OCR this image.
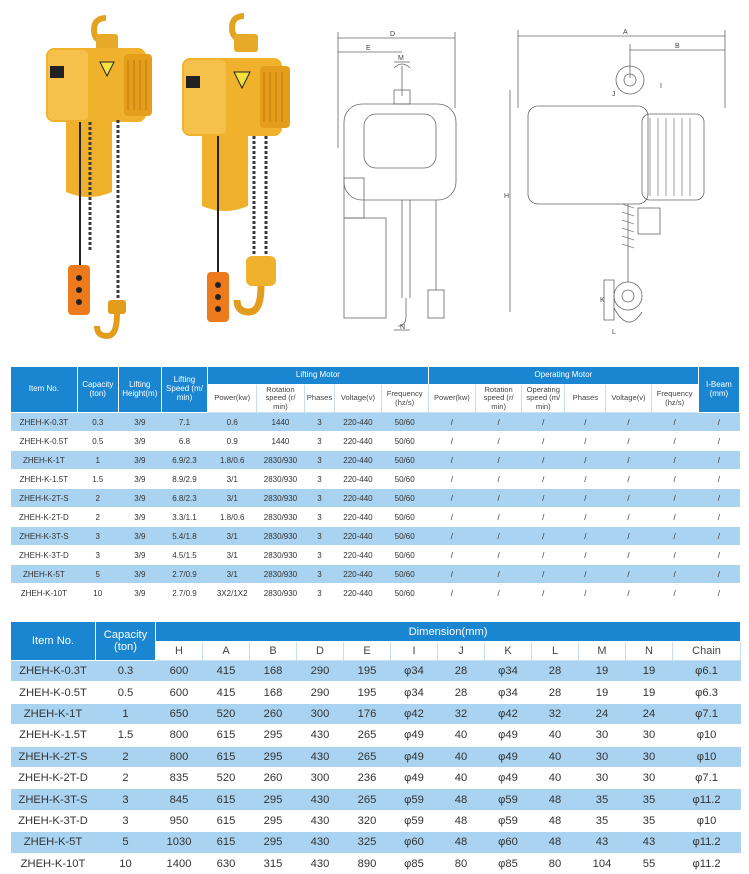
D
E
M
N
A
B
I
J
H
K
L
Item No.	Capacity (ton)	Lifting Height(m)	Lifting Speed (m/ min)	Lifting Motor					Operating Motor						I-Beam (mm)
				Power(kw)	Rotation speed (r/ min)	Phases	Voltage(v)	Frequency (hz/s)	Power(kw)	Rotation speed (r/ min)	Operating speed (m/ min)	Phases	Voltage(v)	Frequency (hz/s)	
ZHEH-K-0.3T	0.3	3/9	7.1	0.6	1440	3	220-440	50/60	/	/	/	/	/	/	/
ZHEH-K-0.5T	0.5	3/9	6.8	0.9	1440	3	220-440	50/60	/	/	/	/	/	/	/
ZHEH-K-1T	1	3/9	6.9/2.3	1.8/0.6	2830/930	3	220-440	50/60	/	/	/	/	/	/	/
ZHEH-K-1.5T	1.5	3/9	8.9/2.9	3/1	2830/930	3	220-440	50/60	/	/	/	/	/	/	/
ZHEH-K-2T-S	2	3/9	6.8/2.3	3/1	2830/930	3	220-440	50/60	/	/	/	/	/	/	/
ZHEH-K-2T-D	2	3/9	3.3/1.1	1.8/0.6	2830/930	3	220-440	50/60	/	/	/	/	/	/	/
ZHEH-K-3T-S	3	3/9	5.4/1.8	3/1	2830/930	3	220-440	50/60	/	/	/	/	/	/	/
ZHEH-K-3T-D	3	3/9	4.5/1.5	3/1	2830/930	3	220-440	50/60	/	/	/	/	/	/	/
ZHEH-K-5T	5	3/9	2.7/0.9	3/1	2830/930	3	220-440	50/60	/	/	/	/	/	/	/
ZHEH-K-10T	10	3/9	2.7/0.9	3X2/1X2	2830/930	3	220-440	50/60	/	/	/	/	/	/	/
Item No.	Capacity (ton)	Dimension(mm)											
		H	A	B	D	E	I	J	K	L	M	N	Chain
ZHEH-K-0.3T	0.3	600	415	168	290	195	φ34	28	φ34	28	19	19	φ6.1
ZHEH-K-0.5T	0.5	600	415	168	290	195	φ34	28	φ34	28	19	19	φ6.3
ZHEH-K-1T	1	650	520	260	300	176	φ42	32	φ42	32	24	24	φ7.1
ZHEH-K-1.5T	1.5	800	615	295	430	265	φ49	40	φ49	40	30	30	φ10
ZHEH-K-2T-S	2	800	615	295	430	265	φ49	40	φ49	40	30	30	φ10
ZHEH-K-2T-D	2	835	520	260	300	236	φ49	40	φ49	40	30	30	φ7.1
ZHEH-K-3T-S	3	845	615	295	430	265	φ59	48	φ59	48	35	35	φ11.2
ZHEH-K-3T-D	3	950	615	295	430	320	φ59	48	φ59	48	35	35	φ10
ZHEH-K-5T	5	1030	615	295	430	325	φ60	48	φ60	48	43	43	φ11.2
ZHEH-K-10T	10	1400	630	315	430	890	φ85	80	φ85	80	104	55	φ11.2
